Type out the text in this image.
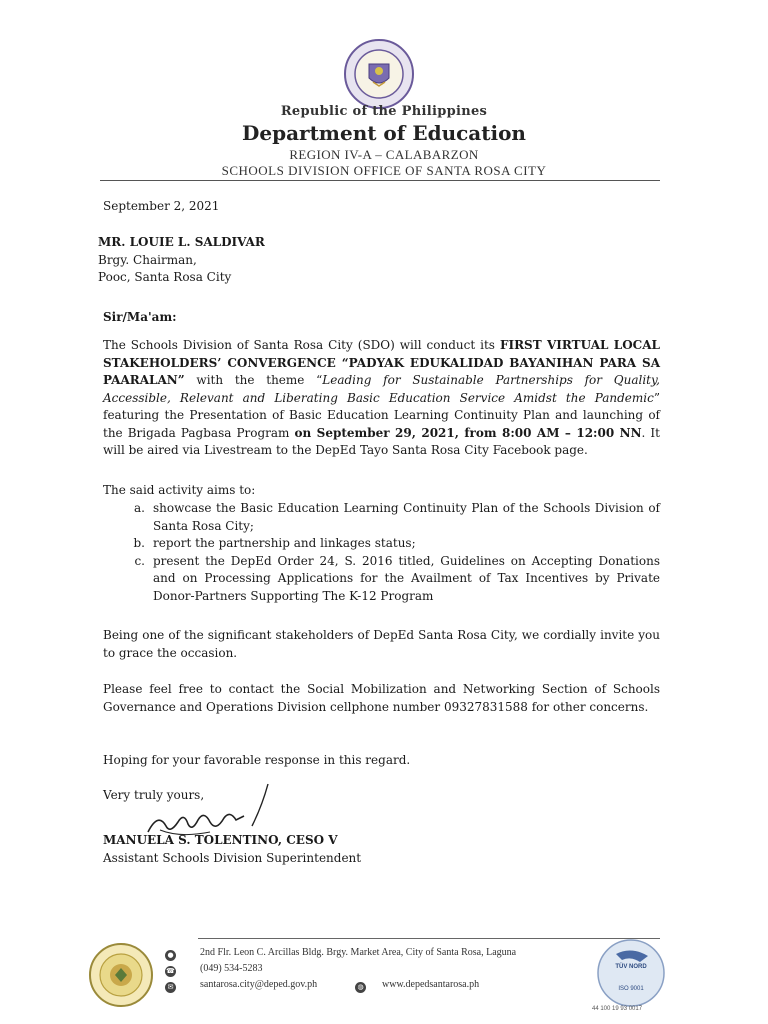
Republic of the Philippines
Department of Education
REGION IV-A – CALABARZON
SCHOOLS DIVISION OFFICE OF SANTA ROSA CITY
September 2, 2021
MR. LOUIE L. SALDIVAR
Brgy. Chairman,
Pooc, Santa Rosa City
Sir/Ma'am:
The Schools Division of Santa Rosa City (SDO) will conduct its FIRST VIRTUAL LOCAL STAKEHOLDERS’ CONVERGENCE “PADYAK EDUKALIDAD BAYANIHAN PARA SA PAARALAN” with the theme “Leading for Sustainable Partnerships for Quality, Accessible, Relevant and Liberating Basic Education Service Amidst the Pandemic” featuring the Presentation of Basic Education Learning Continuity Plan and launching of the Brigada Pagbasa Program on September 29, 2021, from 8:00 AM – 12:00 NN. It will be aired via Livestream to the DepEd Tayo Santa Rosa City Facebook page.
The said activity aims to:
a. showcase the Basic Education Learning Continuity Plan of the Schools Division of Santa Rosa City;
b. report the partnership and linkages status;
c. present the DepEd Order 24, S. 2016 titled, Guidelines on Accepting Donations and on Processing Applications for the Availment of Tax Incentives by Private Donor-Partners Supporting The K-12 Program
Being one of the significant stakeholders of DepEd Santa Rosa City, we cordially invite you to grace the occasion.
Please feel free to contact the Social Mobilization and Networking Section of Schools Governance and Operations Division cellphone number 09327831588 for other concerns.
Hoping for your favorable response in this regard.
Very truly yours,
MANUELA S. TOLENTINO, CESO V
Assistant Schools Division Superintendent
●	2nd Flr. Leon C. Arcillas Bldg. Brgy. Market Area, City of Santa Rosa, Laguna
☎	(049) 534-5283
✉	santarosa.city@deped.gov.ph	◍ www.depedsantarosa.ph
TÜV NORD
ISO 9001
44 100 19 93 0017
